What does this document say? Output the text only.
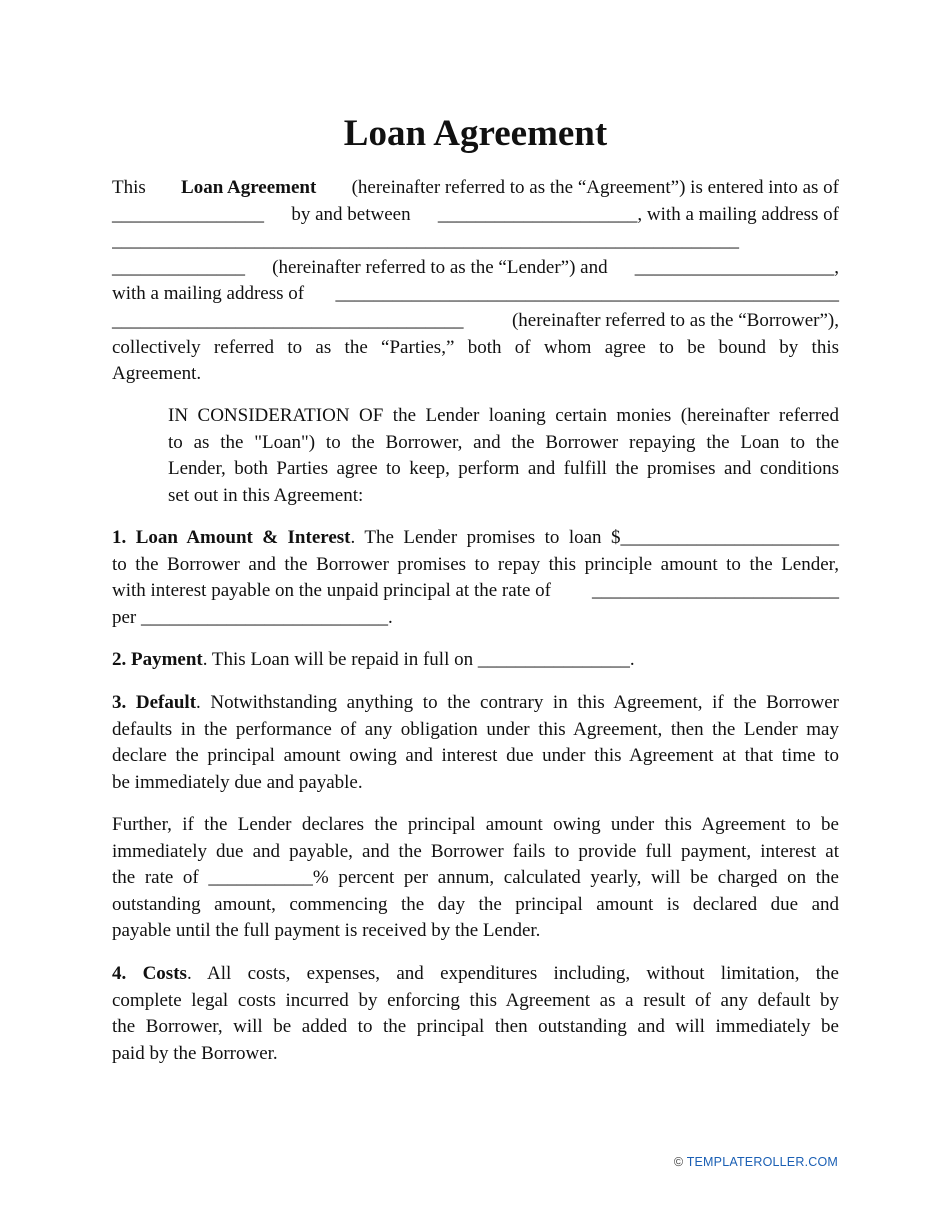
Loan Agreement
This Loan Agreement (hereinafter referred to as the “Agreement”) is entered into as of
________________ by and between _____________________, with a mailing address of
__________________________________________________________________
______________ (hereinafter referred to as the “Lender”) and _____________________,
with a mailing address of _____________________________________________________
_____________________________________	(hereinafter referred to as the “Borrower”),
collectively referred to as the “Parties,” both of whom agree to be bound by this
Agreement.
IN CONSIDERATION OF the Lender loaning certain monies (hereinafter referred
to as the "Loan") to the Borrower, and the Borrower repaying the Loan to the
Lender, both Parties agree to keep, perform and fulfill the promises and conditions
set out in this Agreement:
1. Loan Amount & Interest. The Lender promises to loan $_______________________
to the Borrower and the Borrower promises to repay this principle amount to the Lender,
with interest payable on the unpaid principal at the rate of __________________________
per __________________________.
2. Payment. This Loan will be repaid in full on ________________.
3. Default. Notwithstanding anything to the contrary in this Agreement, if the Borrower
defaults in the performance of any obligation under this Agreement, then the Lender may
declare the principal amount owing and interest due under this Agreement at that time to
be immediately due and payable.
Further, if the Lender declares the principal amount owing under this Agreement to be
immediately due and payable, and the Borrower fails to provide full payment, interest at
the rate of ___________% percent per annum, calculated yearly, will be charged on the
outstanding amount, commencing the day the principal amount is declared due and
payable until the full payment is received by the Lender.
4. Costs. All costs, expenses, and expenditures including, without limitation, the
complete legal costs incurred by enforcing this Agreement as a result of any default by
the Borrower, will be added to the principal then outstanding and will immediately be
paid by the Borrower.
© TEMPLATEROLLER.COM
